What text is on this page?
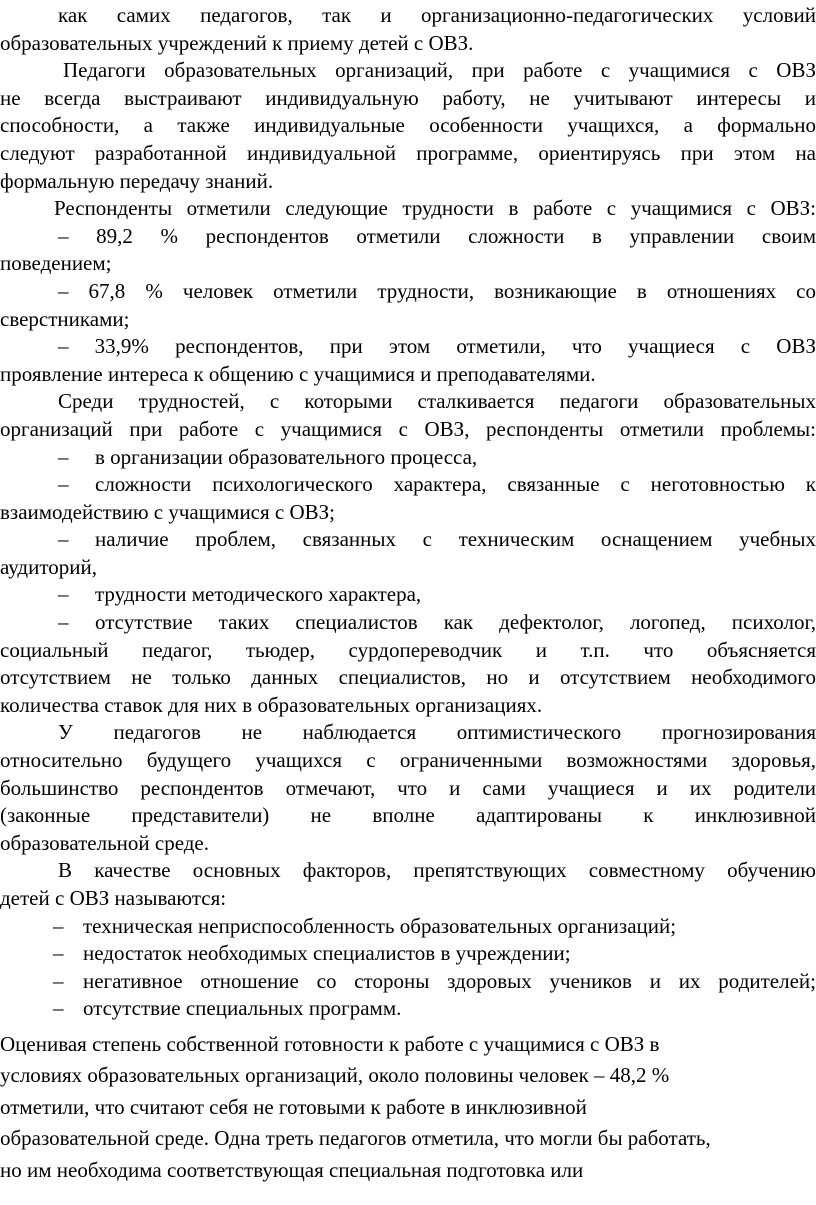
как самих педагогов, так и организационно-педагогических условий
образовательных учреждений к приему детей с ОВЗ.
Педагоги образовательных организаций, при работе с учащимися с ОВЗ
не всегда выстраивают индивидуальную работу, не учитывают интересы и
способности, а также индивидуальные особенности учащихся, а формально
следуют разработанной индивидуальной программе, ориентируясь при этом на
формальную передачу знаний.
Респонденты отметили следующие трудности в работе с учащимися с ОВЗ:
– 89,2 % респондентов отметили сложности в управлении своим
поведением;
– 67,8 % человек отметили трудности, возникающие в отношениях со
сверстниками;
– 33,9% респондентов, при этом отметили, что учащиеся с ОВЗ
проявление интереса к общению с учащимися и преподавателями.
Среди трудностей, с которыми сталкивается педагоги образовательных
организаций при работе с учащимися с ОВЗ, респонденты отметили проблемы:
– в организации образовательного процесса,
– сложности психологического характера, связанные с неготовностью к
взаимодействию с учащимися с ОВЗ;
– наличие проблем, связанных с техническим оснащением учебных
аудиторий,
– трудности методического характера,
– отсутствие таких специалистов как дефектолог, логопед, психолог,
социальный педагог, тьюдер, сурдопереводчик и т.п. что объясняется
отсутствием не только данных специалистов, но и отсутствием необходимого
количества ставок для них в образовательных организациях.
У педагогов не наблюдается оптимистического прогнозирования
относительно будущего учащихся с ограниченными возможностями здоровья,
большинство респондентов отмечают, что и сами учащиеся и их родители
(законные представители) не вполне адаптированы к инклюзивной
образовательной среде.
В качестве основных факторов, препятствующих совместному обучению
детей с ОВЗ называются:
– техническая неприспособленность образовательных организаций;
– недостаток необходимых специалистов в учреждении;
– негативное отношение со стороны здоровых учеников и их родителей;
– отсутствие специальных программ.
Оценивая степень собственной готовности к работе с учащимися с ОВЗ в
условиях образовательных организаций, около половины человек – 48,2 %
отметили, что считают себя не готовыми к работе в инклюзивной
образовательной среде. Одна треть педагогов отметила, что могли бы работать,
но им необходима соответствующая специальная подготовка или
